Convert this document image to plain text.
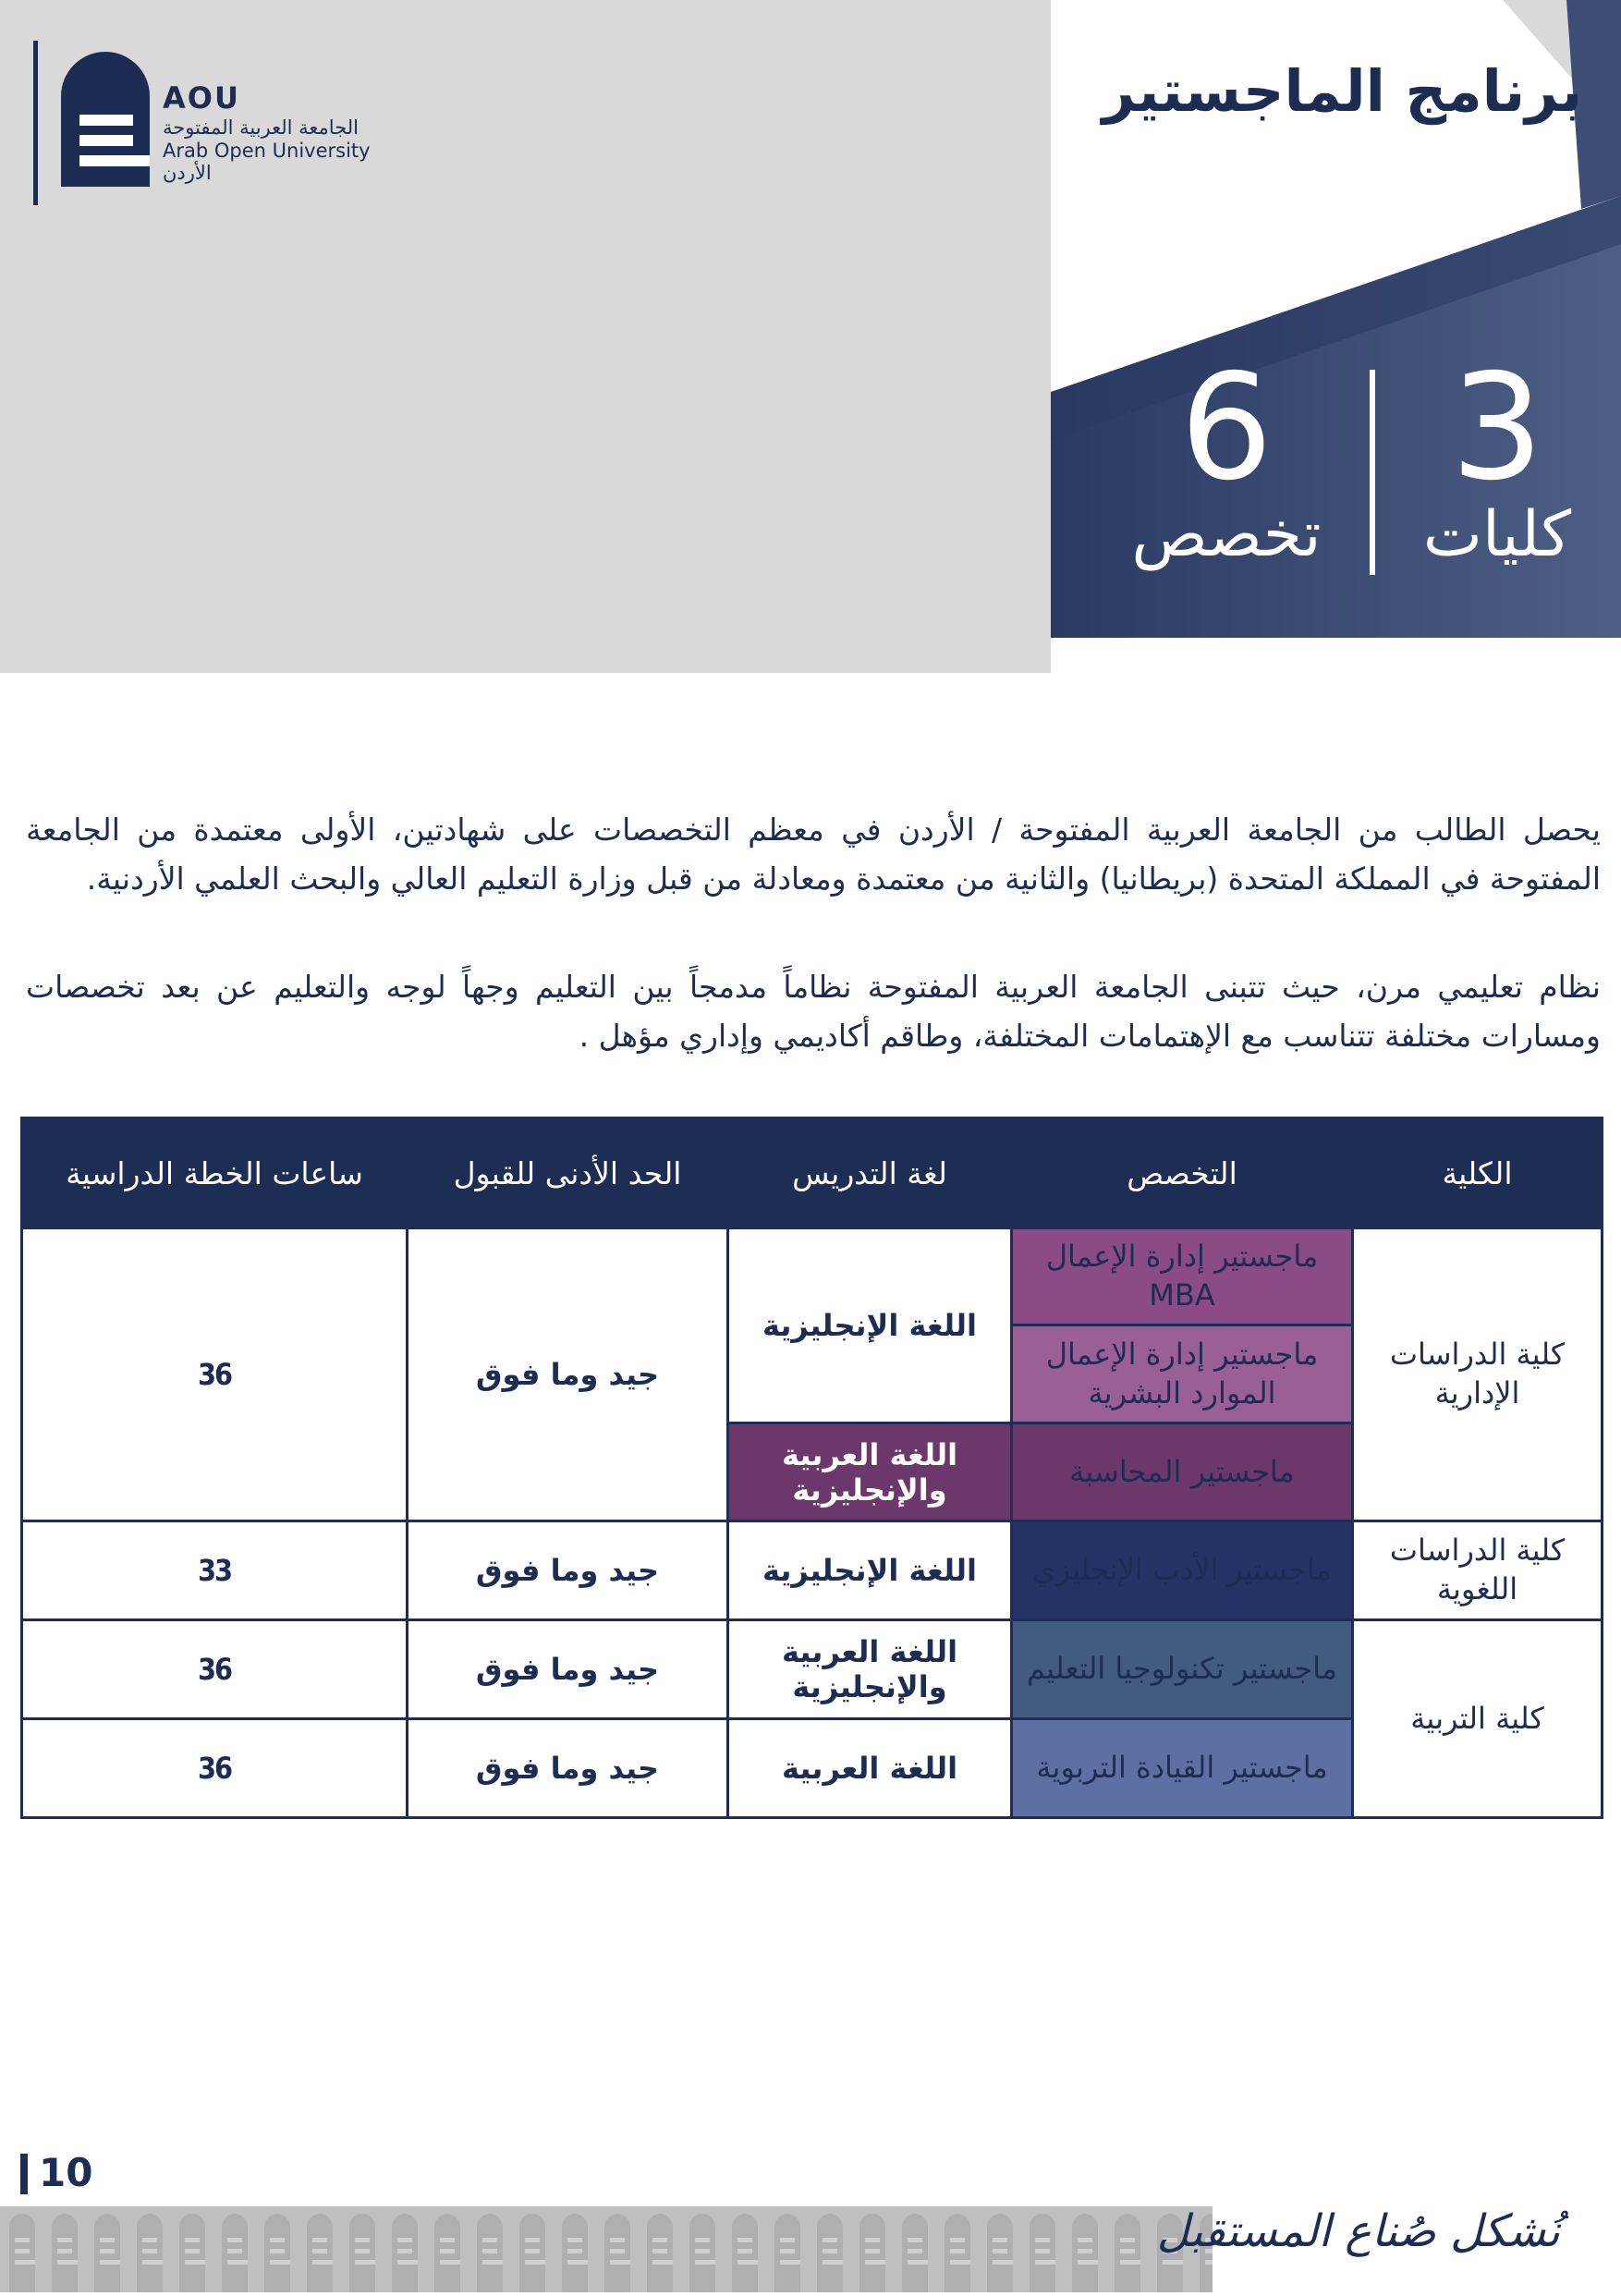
AOU
الجامعة العربية المفتوحة
Arab Open University
الأردن
برنامج الماجستير
3
كليات
6
تخصص

يحصل الطالب من الجامعة العربية المفتوحة / الأردن في معظم التخصصات على شهادتين، الأولى معتمدة من الجامعة المفتوحة في المملكة المتحدة (بريطانيا) والثانية من معتمدة ومعادلة من قبل وزارة التعليم العالي والبحث العلمي الأردنية.

نظام تعليمي مرن، حيث تتبنى الجامعة العربية المفتوحة نظاماً مدمجاً بين التعليم وجهاً لوجه والتعليم عن بعد تخصصات ومسارات مختلفة تتناسب مع الإهتمامات المختلفة، وطاقم أكاديمي وإداري مؤهل .

الكلية	التخصص	لغة التدريس	الحد الأدنى للقبول	ساعات الخطة الدراسية
كلية الدراسات الإدارية	ماجستير إدارة الإعمال MBA	اللغة الإنجليزية	جيد وما فوق	36
	ماجستير إدارة الإعمال الموارد البشرية			
	ماجستير المحاسبة	اللغة العربية والإنجليزية		
كلية الدراسات اللغوية	ماجستير الأدب الإنجليزي	اللغة الإنجليزية	جيد وما فوق	33
كلية التربية	ماجستير تكنولوجيا التعليم	اللغة العربية والإنجليزية	جيد وما فوق	36
	ماجستير القيادة التربوية	اللغة العربية	جيد وما فوق	36
10
نُشكل صُناع المستقبل
